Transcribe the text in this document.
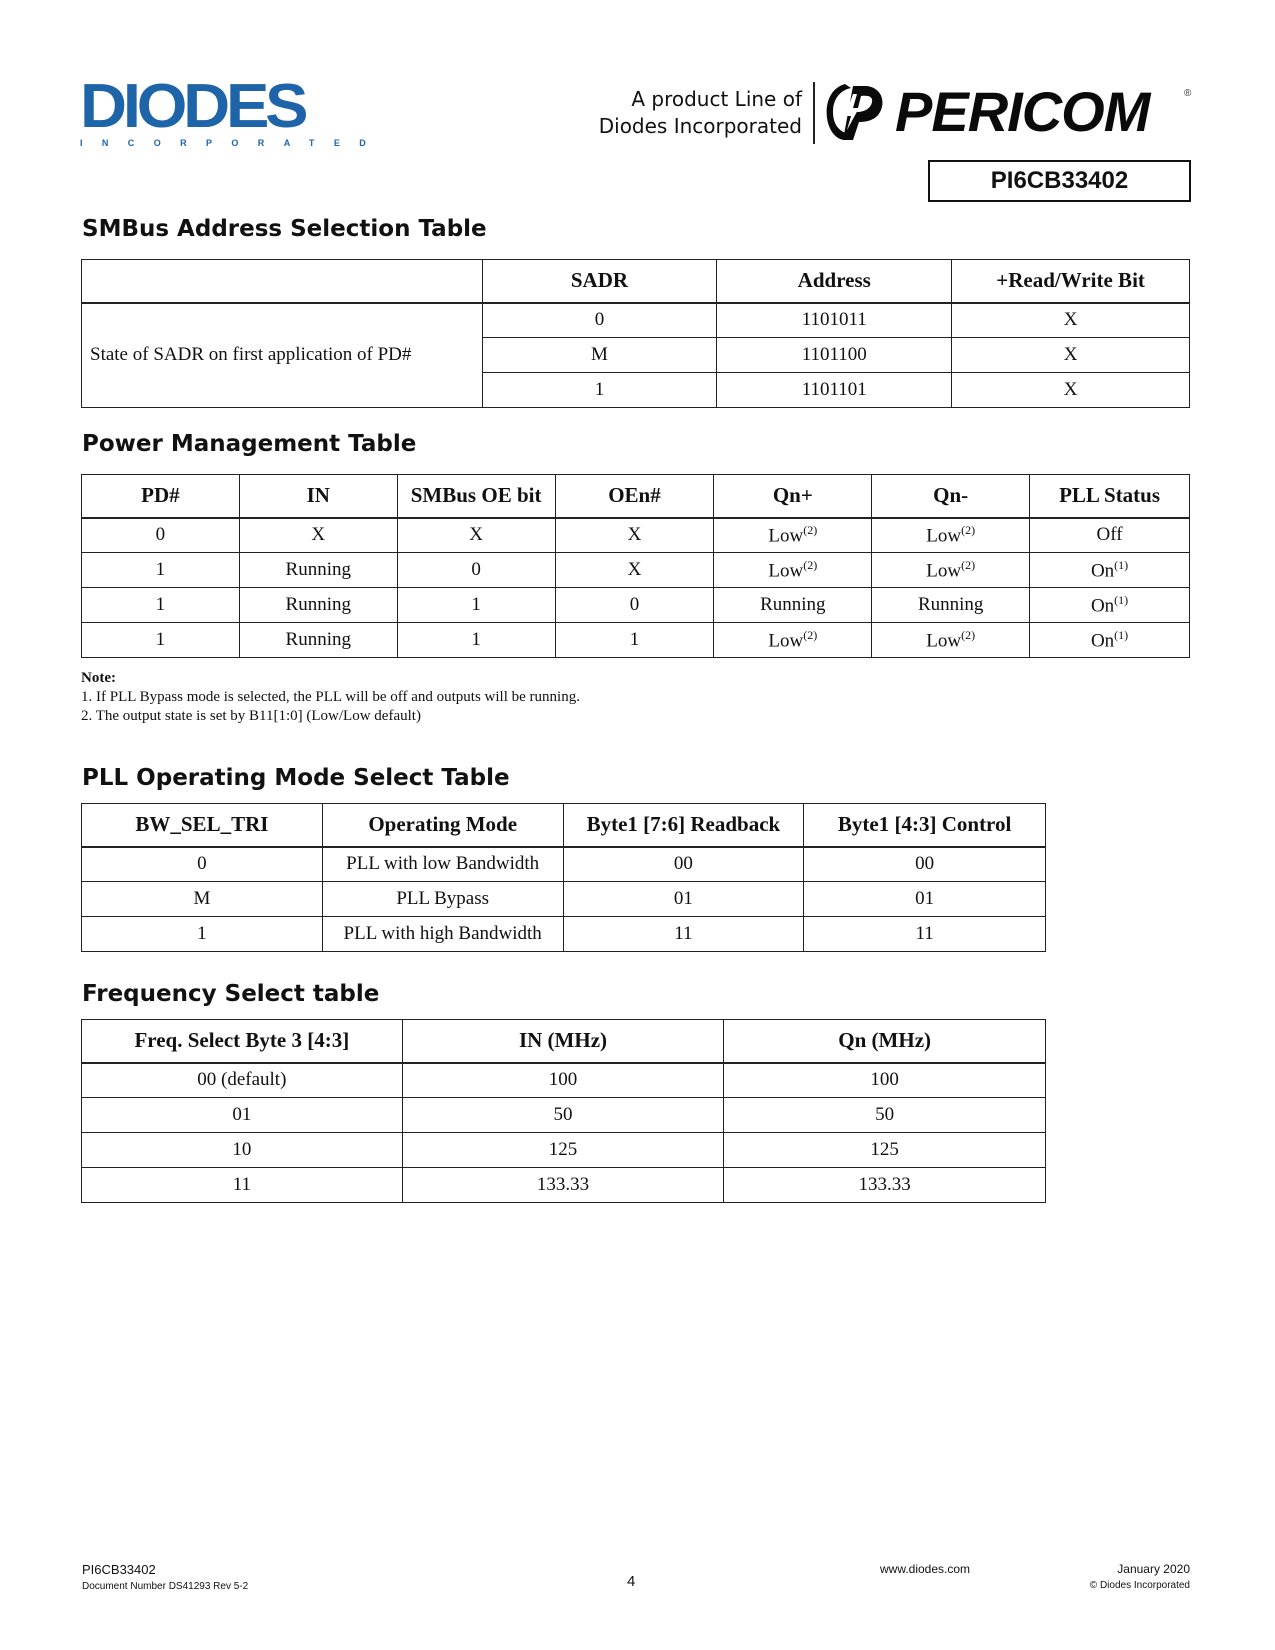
DIODES
INCORPORATED
A product Line of
Diodes Incorporated PERICOM	®
PI6CB33402
SMBus Address Selection Table
	SADR	Address	+Read/Write Bit
State of SADR on first application of PD#	0	1101011	X
	M	1101100	X
	1	1101101	X
Power Management Table
PD#	IN	SMBus OE bit	OEn#	Qn+	Qn-	PLL Status
0	X	X	X	Low$^{(2)}$	Low$^{(2)}$	Off
1	Running	0	X	Low$^{(2)}$	Low$^{(2)}$	On$^{(1)}$
1	Running	1	0	Running	Running	On$^{(1)}$
1	Running	1	1	Low$^{(2)}$	Low$^{(2)}$	On$^{(1)}$
Note:
1. If PLL Bypass mode is selected, the PLL will be off and outputs will be running.
2. The output state is set by B11[1:0] (Low/Low default)
PLL Operating Mode Select Table
BW_SEL_TRI	Operating Mode	Byte1 [7:6] Readback	Byte1 [4:3] Control
0	PLL with low Bandwidth	00	00
M	PLL Bypass	01	01
1	PLL with high Bandwidth	11	11
Frequency Select table
Freq. Select Byte 3 [4:3]	IN (MHz)	Qn (MHz)
00 (default)	100	100
01	50	50
10	125	125
11	133.33	133.33
PI6CB33402
Document Number DS41293 Rev 5-2	4
www.diodes.com	January 2020
© Diodes Incorporated
